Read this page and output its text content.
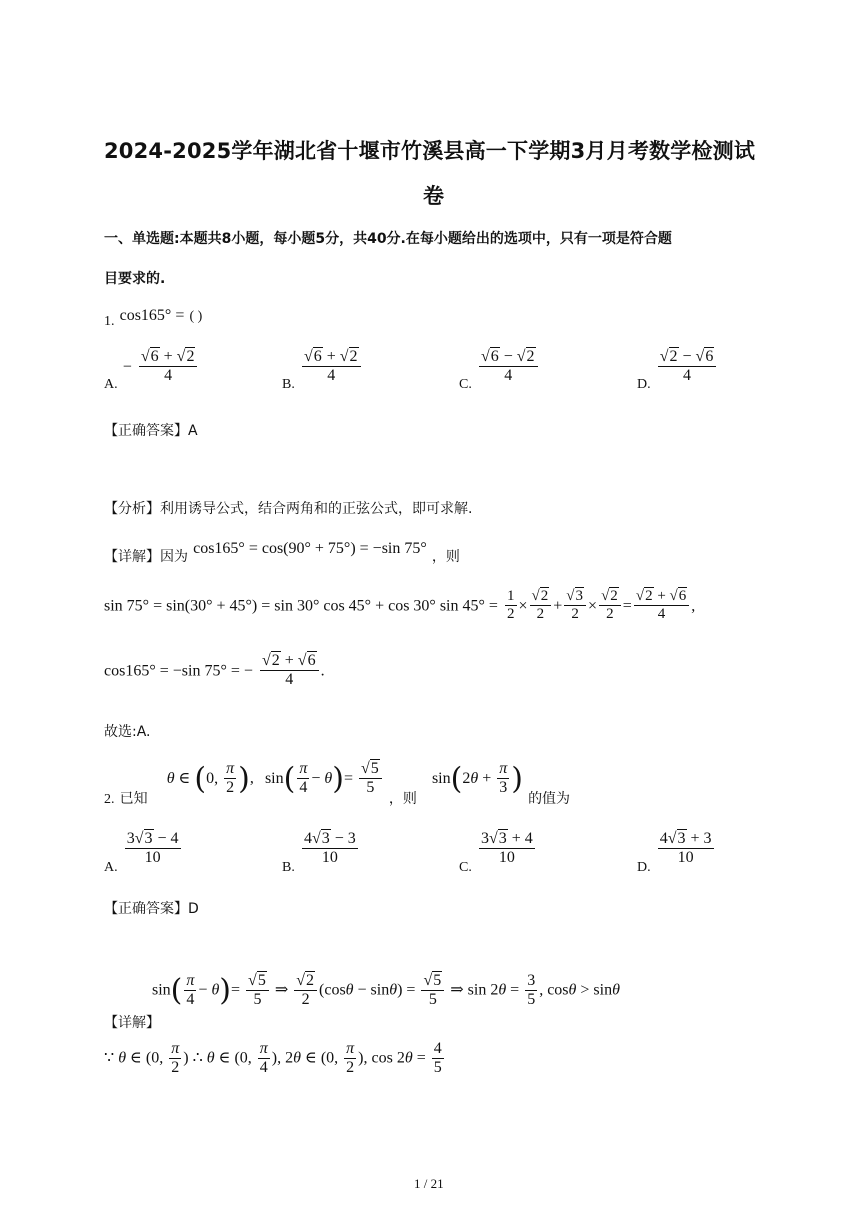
2024-2025学年湖北省十堰市竹溪县高一下学期3月月考数学检测试
卷
一、单选题:本题共8小题，每小题5分，共40分.在每小题给出的选项中，只有一项是符合题
目要求的.
1. cos165° = ( )
A. − $\frac{√6 + √2}{4}$	B. $\frac{√6 + √2}{4}$	C. $\frac{√6 - √2}{4}$	D. $\frac{√2 - √6}{4}$
【正确答案】A
【分析】利用诱导公式，结合两角和的正弦公式，即可求解.
【详解】因为 cos165° = cos(90° + 75°) = −sin 75° ，则
sin 75° = sin(30° + 45°) = sin 30° cos 45° + cos 30° $\sin 45^\circ = \frac{1}{2} \times \frac{√2}{2} + \frac{√3}{2} \times \frac{√2}{2} = \frac{√2 + √6}{4}$ ,
cos165° = −sin 75° = − $\frac{√2 + √6}{4}$ .
故选:A.
2. 已知 θ ∈ (0, $\frac{\pi}{2}$ ), $\sin( \frac{\pi}{4} - \theta)= \frac{√5}{5}$
，则 $\sin(2\theta + \frac{\pi}{3}$ ) 的值为
A.
$\frac{3√3 - 4}{10}$
B.
$\frac{4√3 - 3}{10}$
C.
$\frac{3√3 + 4}{10}$
D.
$\frac{4√3 + 3}{10}$
【正确答案】D
【详解】
$\sin( \frac{\pi}{4} - \theta)= \frac{√5}{5}$ ⇒ $\frac{√2}{2} (\cos\theta - \sin\theta) = \frac{√5}{5}$ ⇒ $\sin 2\theta = \frac{3}{5}$ , cosθ > sinθ
∵ θ ∈ (0, $\frac{\pi}{2}$ ) ∴ θ ∈ (0, $\frac{\pi}{4}$ ), 2θ ∈ (0, $\frac{\pi}{2}$ ), $\cos 2\theta = \frac{4}{5}$
1 / 21
